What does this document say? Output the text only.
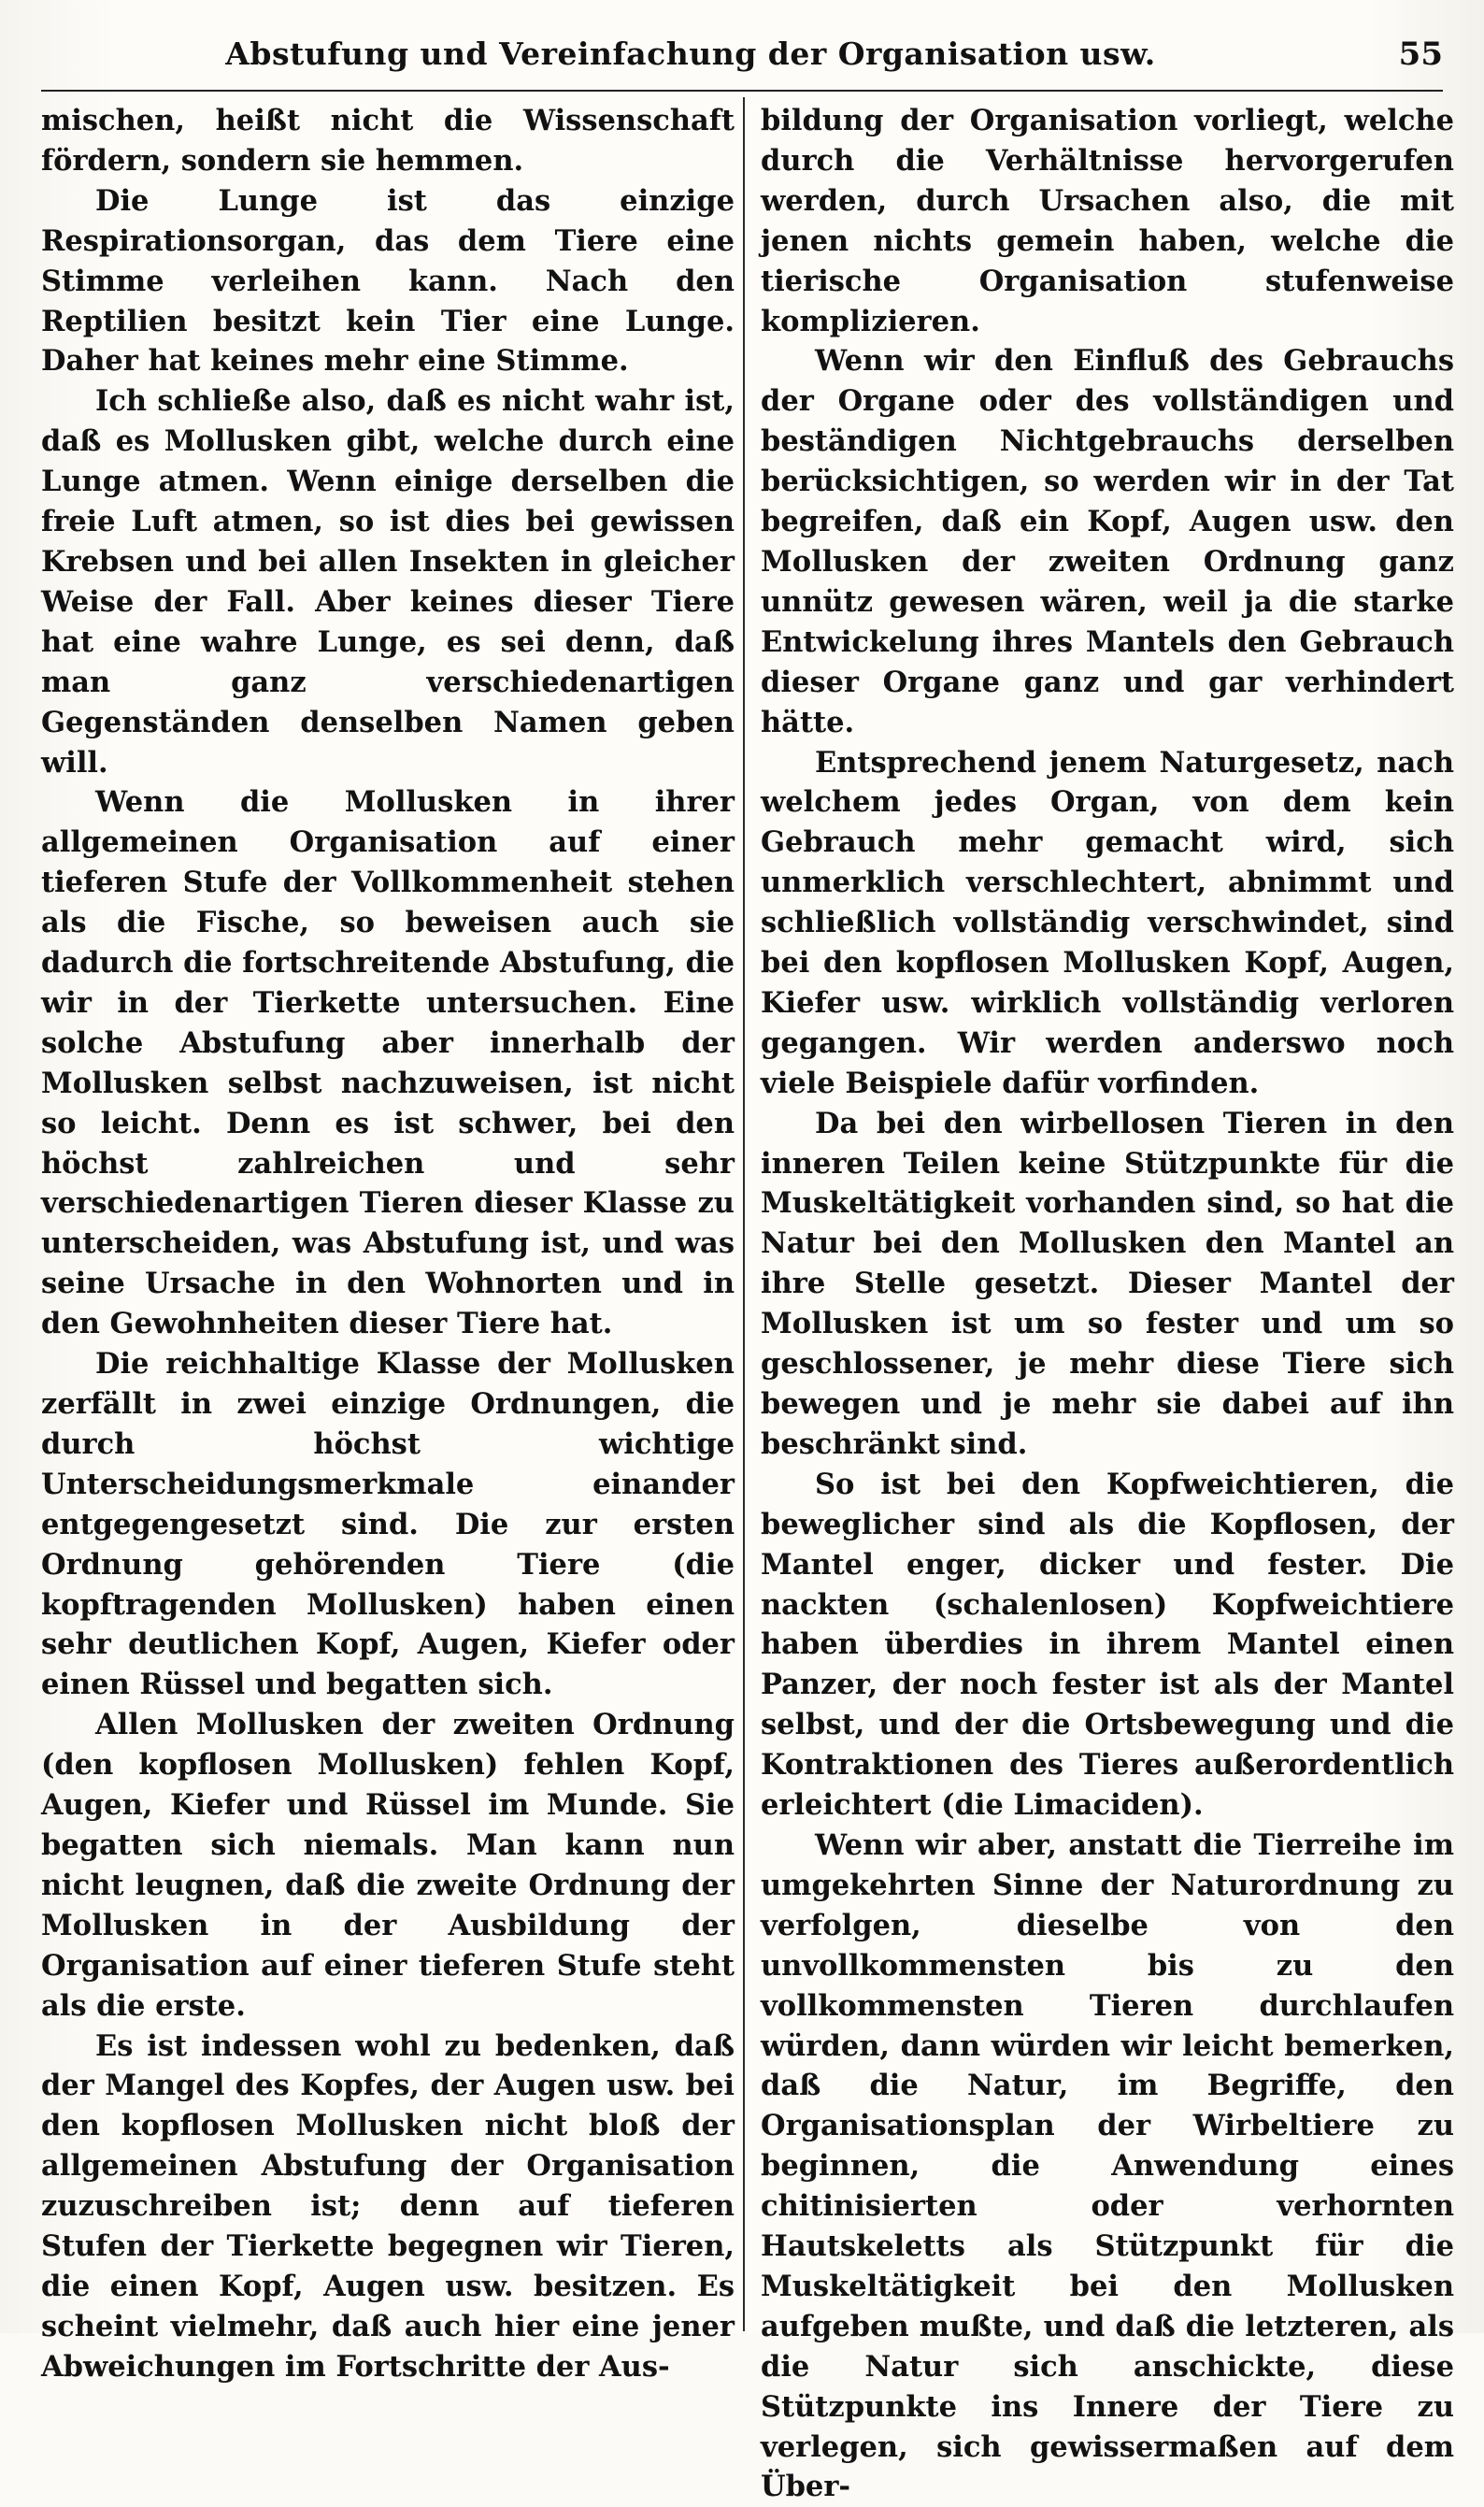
Abstufung und Vereinfachung der Organisation usw.	55

mischen, heißt nicht die Wissenschaft fördern, sondern sie hemmen.

Die Lunge ist das einzige Respirationsorgan, das dem Tiere eine Stimme verleihen kann. Nach den Reptilien besitzt kein Tier eine Lunge. Daher hat keines mehr eine Stimme.

Ich schließe also, daß es nicht wahr ist, daß es Mollusken gibt, welche durch eine Lunge atmen. Wenn einige derselben die freie Luft atmen, so ist dies bei gewissen Krebsen und bei allen Insekten in gleicher Weise der Fall. Aber keines dieser Tiere hat eine wahre Lunge, es sei denn, daß man ganz verschiedenartigen Gegenständen denselben Namen geben will.

Wenn die Mollusken in ihrer allgemeinen Organisation auf einer tieferen Stufe der Vollkommenheit stehen als die Fische, so beweisen auch sie dadurch die fortschreitende Abstufung, die wir in der Tierkette untersuchen. Eine solche Abstufung aber innerhalb der Mollusken selbst nachzuweisen, ist nicht so leicht. Denn es ist schwer, bei den höchst zahlreichen und sehr verschiedenartigen Tieren dieser Klasse zu unterscheiden, was Abstufung ist, und was seine Ursache in den Wohnorten und in den Gewohnheiten dieser Tiere hat.

Die reichhaltige Klasse der Mollusken zerfällt in zwei einzige Ordnungen, die durch höchst wichtige Unterscheidungsmerkmale einander entgegengesetzt sind. Die zur ersten Ordnung gehörenden Tiere (die kopftragenden Mollusken) haben einen sehr deutlichen Kopf, Augen, Kiefer oder einen Rüssel und begatten sich.

Allen Mollusken der zweiten Ordnung (den kopflosen Mollusken) fehlen Kopf, Augen, Kiefer und Rüssel im Munde. Sie begatten sich niemals. Man kann nun nicht leugnen, daß die zweite Ordnung der Mollusken in der Ausbildung der Organisation auf einer tieferen Stufe steht als die erste.

Es ist indessen wohl zu bedenken, daß der Mangel des Kopfes, der Augen usw. bei den kopflosen Mollusken nicht bloß der allgemeinen Abstufung der Organisation zuzuschreiben ist; denn auf tieferen Stufen der Tierkette begegnen wir Tieren, die einen Kopf, Augen usw. besitzen. Es scheint vielmehr, daß auch hier eine jener Abweichungen im Fortschritte der Aus-

bildung der Organisation vorliegt, welche durch die Verhältnisse hervorgerufen werden, durch Ursachen also, die mit jenen nichts gemein haben, welche die tierische Organisation stufenweise komplizieren.

Wenn wir den Einfluß des Gebrauchs der Organe oder des vollständigen und beständigen Nichtgebrauchs derselben berücksichtigen, so werden wir in der Tat begreifen, daß ein Kopf, Augen usw. den Mollusken der zweiten Ordnung ganz unnütz gewesen wären, weil ja die starke Entwickelung ihres Mantels den Gebrauch dieser Organe ganz und gar verhindert hätte.

Entsprechend jenem Naturgesetz, nach welchem jedes Organ, von dem kein Gebrauch mehr gemacht wird, sich unmerklich verschlechtert, abnimmt und schließlich vollständig verschwindet, sind bei den kopflosen Mollusken Kopf, Augen, Kiefer usw. wirklich vollständig verloren gegangen. Wir werden anderswo noch viele Beispiele dafür vorfinden.

Da bei den wirbellosen Tieren in den inneren Teilen keine Stützpunkte für die Muskeltätigkeit vorhanden sind, so hat die Natur bei den Mollusken den Mantel an ihre Stelle gesetzt. Dieser Mantel der Mollusken ist um so fester und um so geschlossener, je mehr diese Tiere sich bewegen und je mehr sie dabei auf ihn beschränkt sind.

So ist bei den Kopfweichtieren, die beweglicher sind als die Kopflosen, der Mantel enger, dicker und fester. Die nackten (schalenlosen) Kopfweichtiere haben überdies in ihrem Mantel einen Panzer, der noch fester ist als der Mantel selbst, und der die Ortsbewegung und die Kontraktionen des Tieres außerordentlich erleichtert (die Limaciden).

Wenn wir aber, anstatt die Tierreihe im umgekehrten Sinne der Naturordnung zu verfolgen, dieselbe von den unvollkommensten bis zu den vollkommensten Tieren durchlaufen würden, dann würden wir leicht bemerken, daß die Natur, im Begriffe, den Organisationsplan der Wirbeltiere zu beginnen, die Anwendung eines chitinisierten oder verhornten Hautskeletts als Stützpunkt für die Muskeltätigkeit bei den Mollusken aufgeben mußte, und daß die letzteren, als die Natur sich anschickte, diese Stützpunkte ins Innere der Tiere zu verlegen, sich gewissermaßen auf dem Über-
